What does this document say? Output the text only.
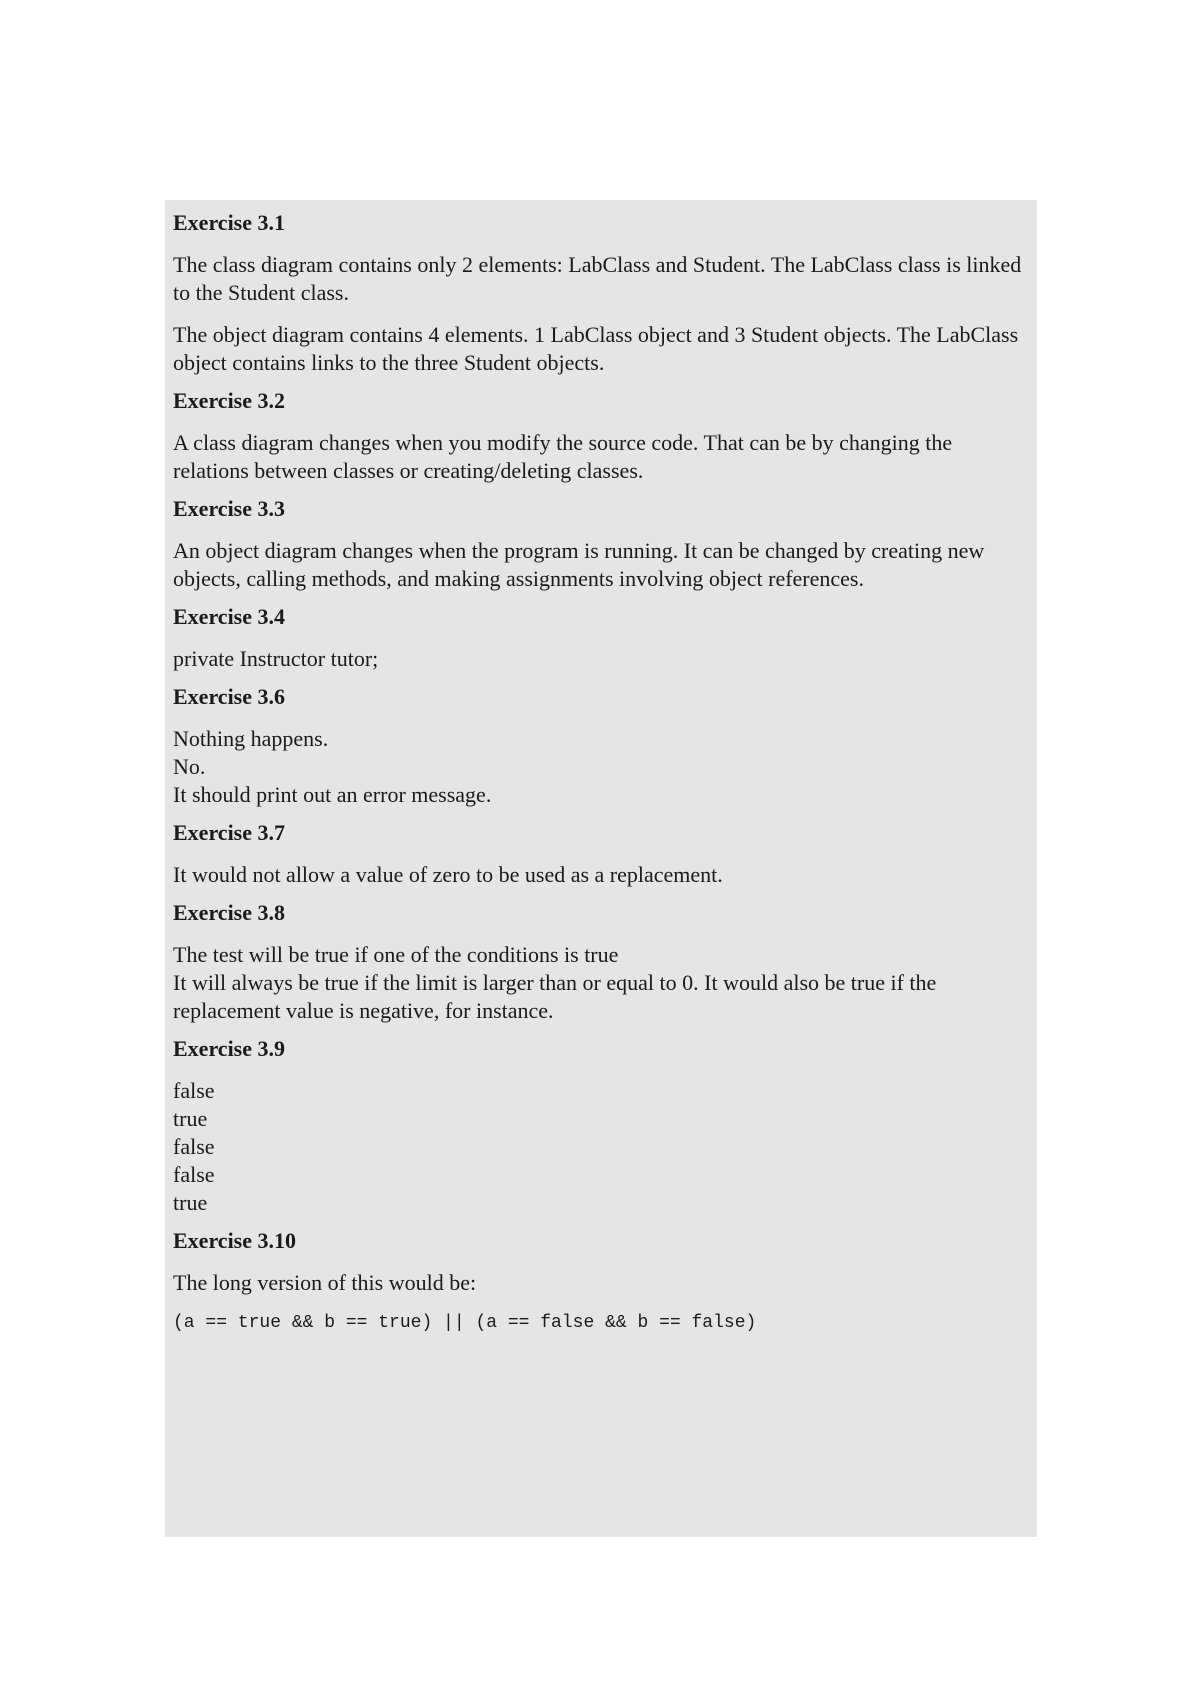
Exercise 3.1
The class diagram contains only 2 elements: LabClass and Student. The LabClass class is linked to the Student class.
The object diagram contains 4 elements. 1 LabClass object and 3 Student objects. The LabClass object contains links to the three Student objects.
Exercise 3.2
A class diagram changes when you modify the source code. That can be by changing the relations between classes or creating/deleting classes.
Exercise 3.3
An object diagram changes when the program is running. It can be changed by creating new objects, calling methods, and making assignments involving object references.
Exercise 3.4
private Instructor tutor;
Exercise 3.6
Nothing happens.
No.
It should print out an error message.
Exercise 3.7
It would not allow a value of zero to be used as a replacement.
Exercise 3.8
The test will be true if one of the conditions is true
It will always be true if the limit is larger than or equal to 0. It would also be true if the replacement value is negative, for instance.
Exercise 3.9
false
true
false
false
true
Exercise 3.10
The long version of this would be:
(a == true && b == true) || (a == false && b == false)
